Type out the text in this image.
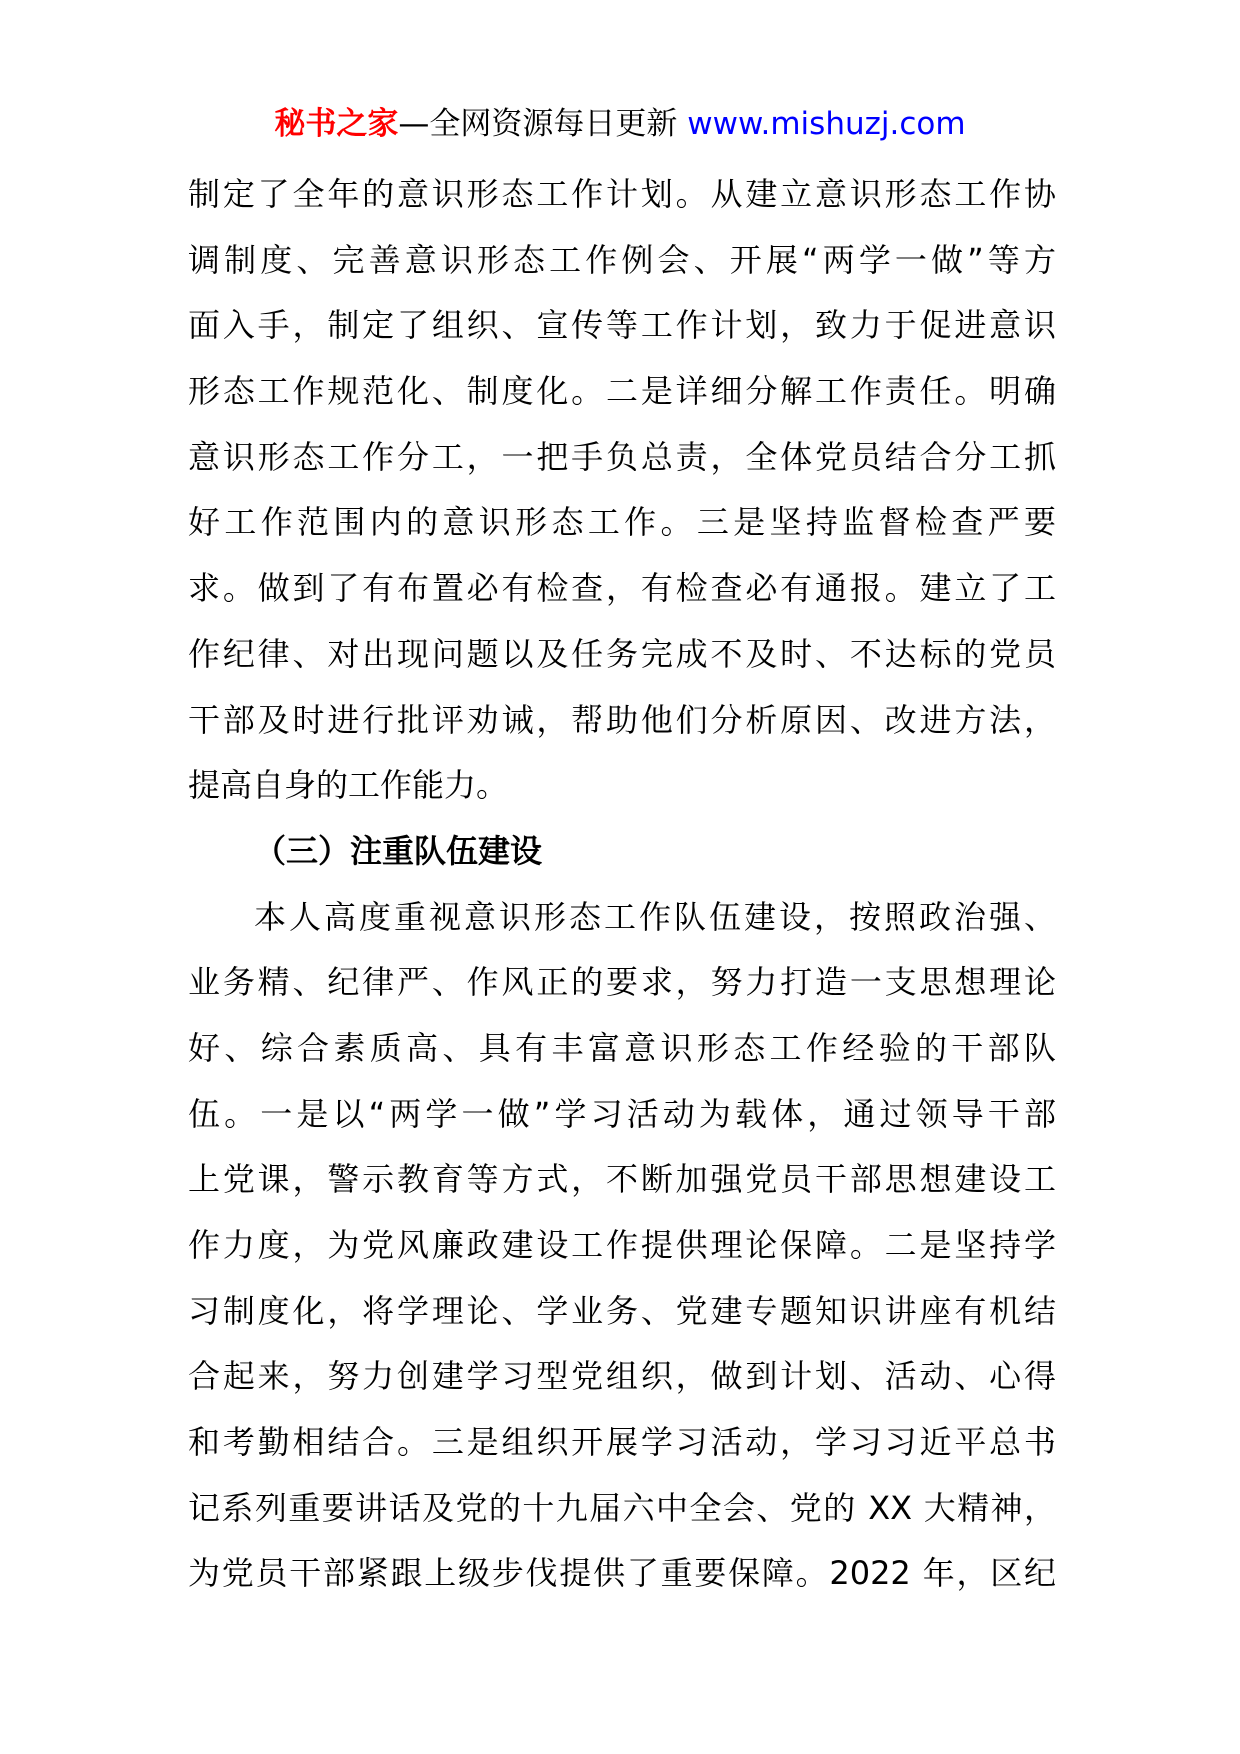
秘书之家—全网资源每日更新 www.mishuzj.com
制定了全年的意识形态工作计划。从建立意识形态工作协
调制度、完善意识形态工作例会、开展“两学一做”等方
面入手，制定了组织、宣传等工作计划，致力于促进意识
形态工作规范化、制度化。二是详细分解工作责任。明确
意识形态工作分工，一把手负总责，全体党员结合分工抓
好工作范围内的意识形态工作。三是坚持监督检查严要
求。做到了有布置必有检查，有检查必有通报。建立了工
作纪律、对出现问题以及任务完成不及时、不达标的党员
干部及时进行批评劝诫，帮助他们分析原因、改进方法，
提高自身的工作能力。
（三）注重队伍建设
本人高度重视意识形态工作队伍建设，按照政治强、
业务精、纪律严、作风正的要求，努力打造一支思想理论
好、综合素质高、具有丰富意识形态工作经验的干部队
伍。一是以“两学一做”学习活动为载体，通过领导干部
上党课，警示教育等方式，不断加强党员干部思想建设工
作力度，为党风廉政建设工作提供理论保障。二是坚持学
习制度化，将学理论、学业务、党建专题知识讲座有机结
合起来，努力创建学习型党组织，做到计划、活动、心得
和考勤相结合。三是组织开展学习活动，学习习近平总书
记系列重要讲话及党的十九届六中全会、党的 XX 大精神，
为党员干部紧跟上级步伐提供了重要保障。2022 年，区纪
